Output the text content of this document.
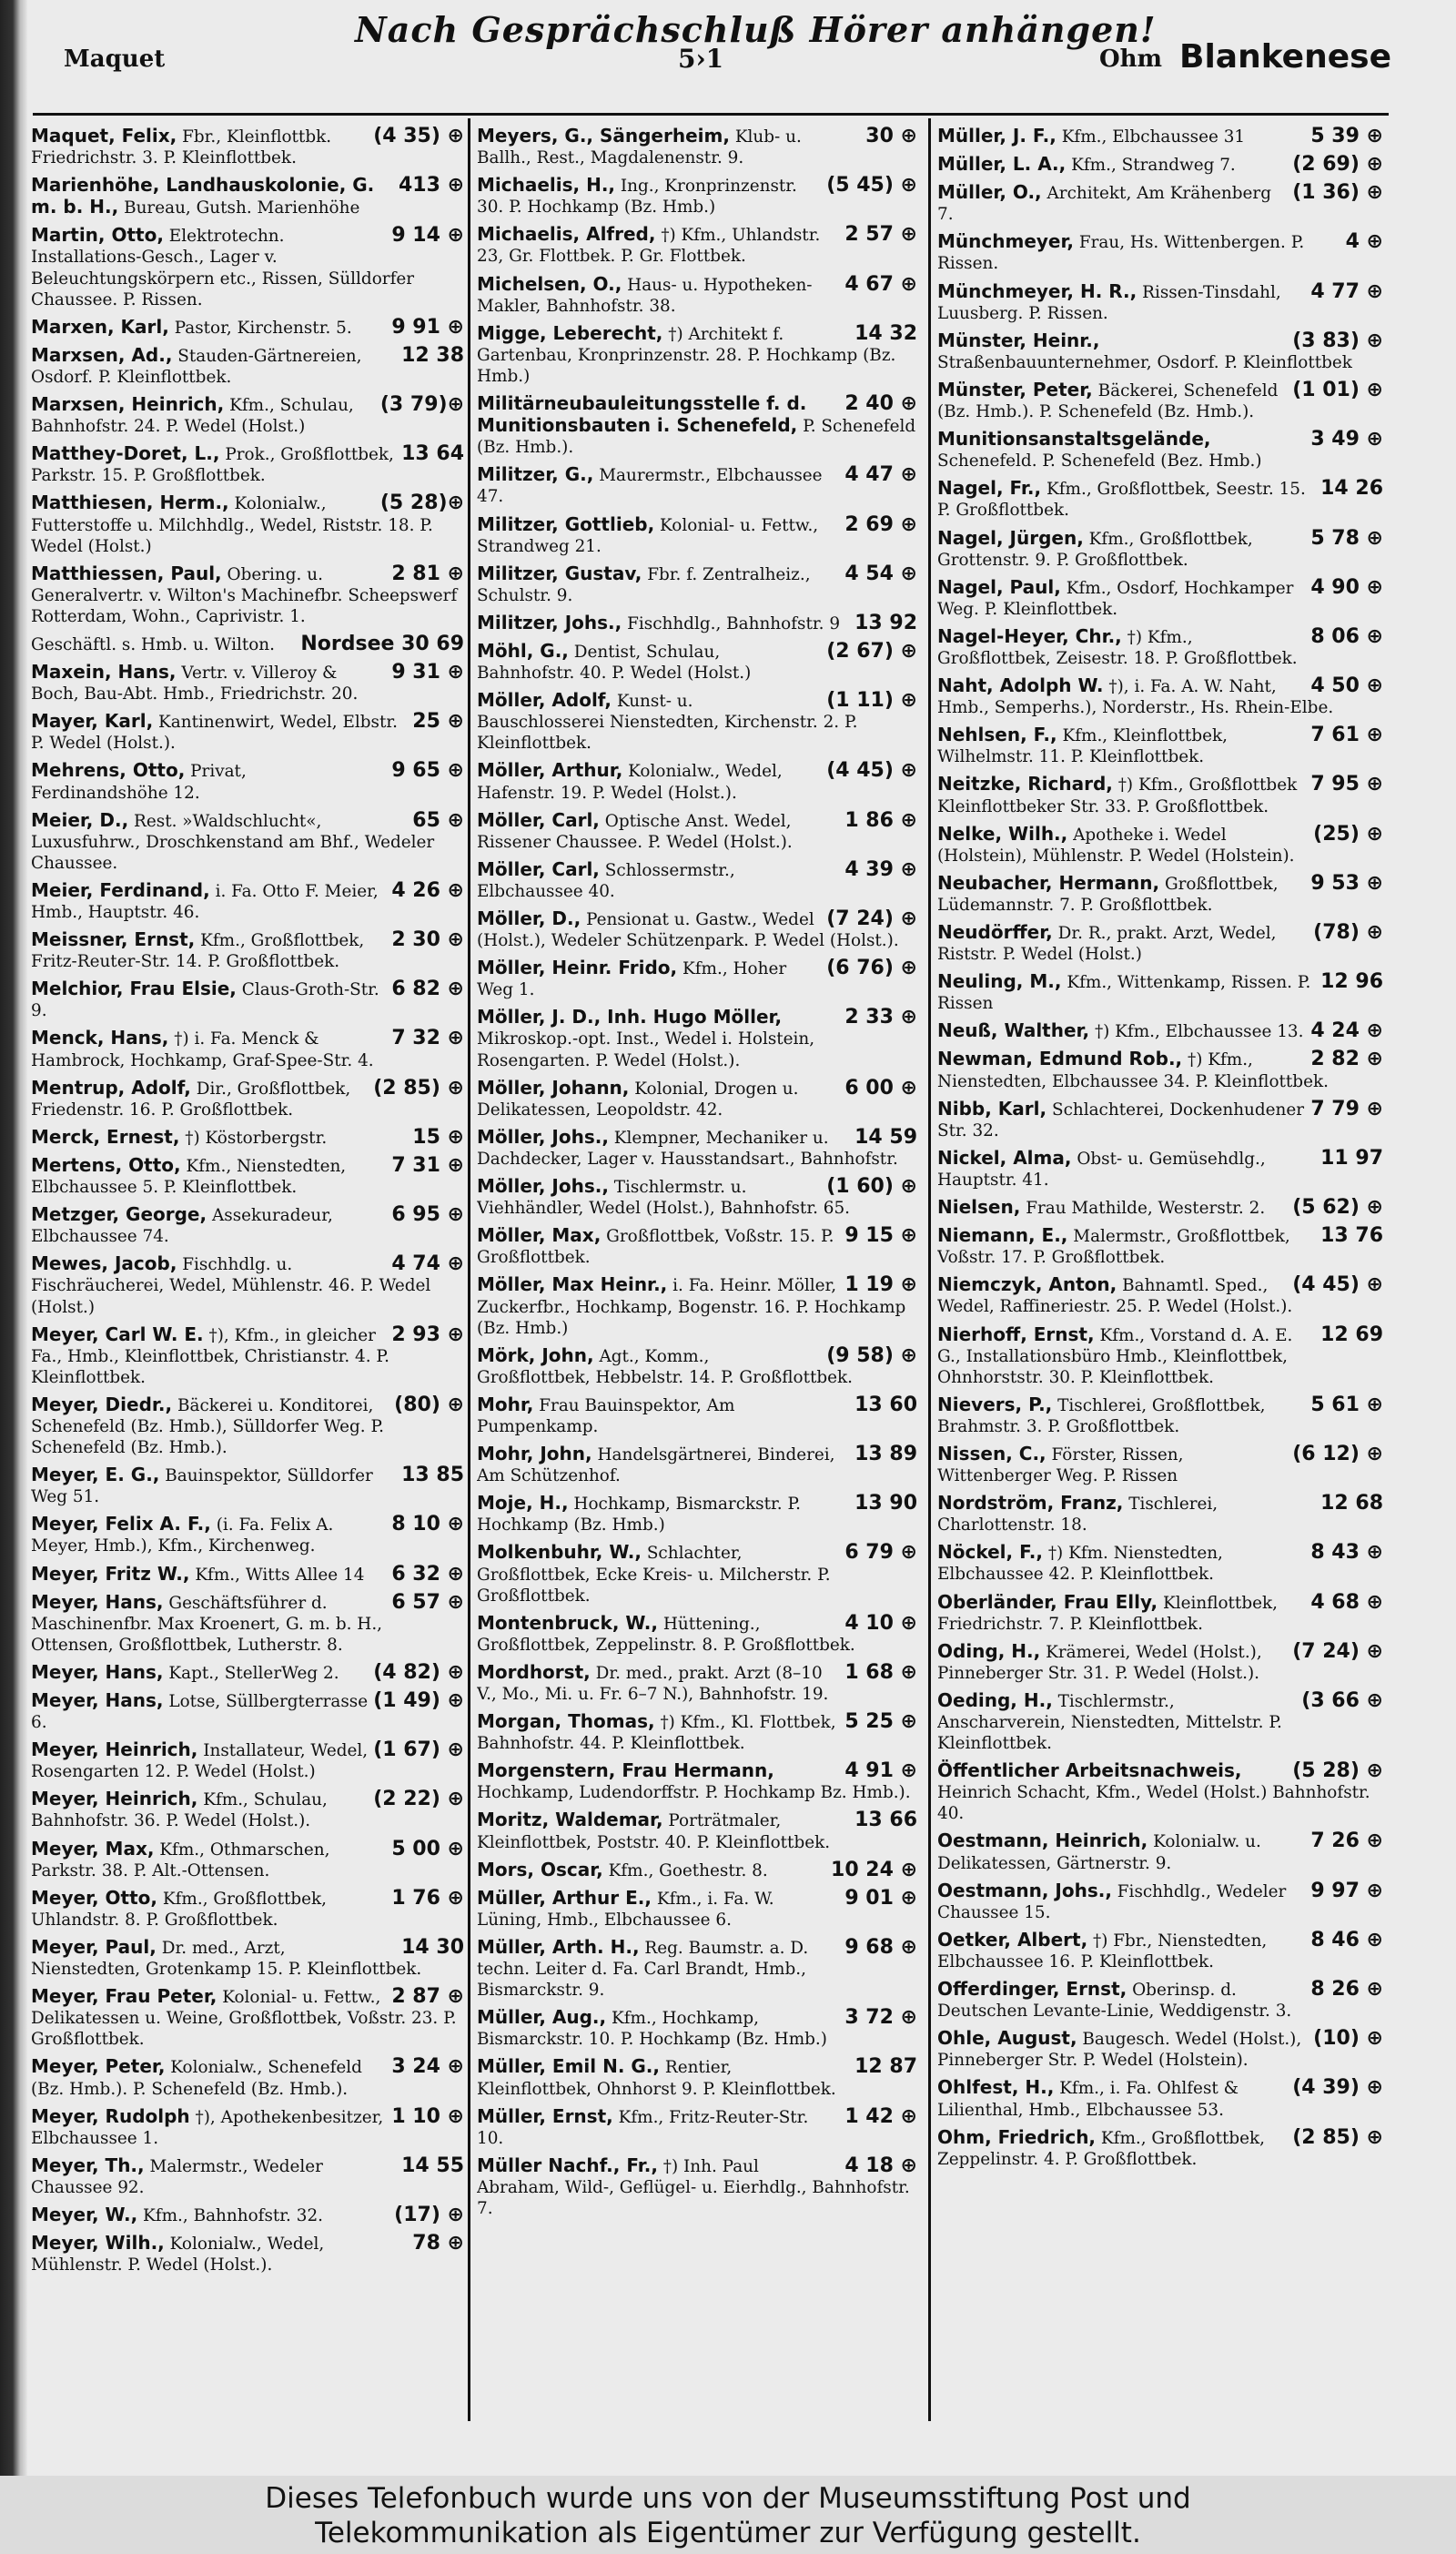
Maquet
Nach Gesprächschluß Hörer anhängen!
5›1	Ohm Blankenese
(4 35) ⊕
Maquet, Felix, Fbr., Kleinflottbk. Friedrichstr. 3. P. Kleinflottbek.
413 ⊕
Marienhöhe, Landhauskolonie, G. m. b. H., Bureau, Gutsh. Marienhöhe
9 14 ⊕
Martin, Otto, Elektrotechn. Installations-Gesch., Lager v. Beleuchtungskörpern etc., Rissen, Sülldorfer Chaussee. P. Rissen.
9 91 ⊕
Marxen, Karl, Pastor, Kirchenstr. 5.
12 38
Marxsen, Ad., Stauden-Gärtnereien, Osdorf. P. Kleinflottbek.
(3 79)⊕
Marxsen, Heinrich, Kfm., Schulau, Bahnhofstr. 24. P. Wedel (Holst.)
13 64
Matthey-Doret, L., Prok., Großflottbek, Parkstr. 15. P. Großflottbek.
(5 28)⊕
Matthiesen, Herm., Kolonialw., Futterstoffe u. Milchhdlg., Wedel, Riststr. 18. P. Wedel (Holst.)
2 81 ⊕
Matthiessen, Paul, Obering. u. Generalvertr. v. Wilton's Machinefbr. Scheepswerf Rotterdam, Wohn., Caprivistr. 1.
Nordsee 30 69
Geschäftl. s. Hmb. u. Wilton.
9 31 ⊕
Maxein, Hans, Vertr. v. Villeroy & Boch, Bau-Abt. Hmb., Friedrichstr. 20.
25 ⊕
Mayer, Karl, Kantinenwirt, Wedel, Elbstr. P. Wedel (Holst.).
9 65 ⊕
Mehrens, Otto, Privat, Ferdinandshöhe 12.
65 ⊕
Meier, D., Rest. »Waldschlucht«, Luxusfuhrw., Droschkenstand am Bhf., Wedeler Chaussee.
4 26 ⊕
Meier, Ferdinand, i. Fa. Otto F. Meier, Hmb., Hauptstr. 46.
2 30 ⊕
Meissner, Ernst, Kfm., Großflottbek, Fritz-Reuter-Str. 14. P. Großflottbek.
6 82 ⊕
Melchior, Frau Elsie, Claus-Groth-Str. 9.
7 32 ⊕
Menck, Hans, †) i. Fa. Menck & Hambrock, Hochkamp, Graf-Spee-Str. 4.
(2 85) ⊕
Mentrup, Adolf, Dir., Großflottbek, Friedenstr. 16. P. Großflottbek.
15 ⊕
Merck, Ernest, †) Köstorbergstr.
7 31 ⊕
Mertens, Otto, Kfm., Nienstedten, Elbchaussee 5. P. Kleinflottbek.
6 95 ⊕
Metzger, George, Assekuradeur, Elbchaussee 74.
4 74 ⊕
Mewes, Jacob, Fischhdlg. u. Fischräucherei, Wedel, Mühlenstr. 46. P. Wedel (Holst.)
2 93 ⊕
Meyer, Carl W. E. †), Kfm., in gleicher Fa., Hmb., Kleinflottbek, Christianstr. 4. P. Kleinflottbek.
(80) ⊕
Meyer, Diedr., Bäckerei u. Konditorei, Schenefeld (Bz. Hmb.), Sülldorfer Weg. P. Schenefeld (Bz. Hmb.).
13 85
Meyer, E. G., Bauinspektor, Sülldorfer Weg 51.
8 10 ⊕
Meyer, Felix A. F., (i. Fa. Felix A. Meyer, Hmb.), Kfm., Kirchenweg.
6 32 ⊕
Meyer, Fritz W., Kfm., Witts Allee 14
6 57 ⊕
Meyer, Hans, Geschäftsführer d. Maschinenfbr. Max Kroenert, G. m. b. H., Ottensen, Großflottbek, Lutherstr. 8.
(4 82) ⊕
Meyer, Hans, Kapt., StellerWeg 2.
(1 49) ⊕
Meyer, Hans, Lotse, Süllbergterrasse 6.
(1 67) ⊕
Meyer, Heinrich, Installateur, Wedel, Rosengarten 12. P. Wedel (Holst.)
(2 22) ⊕
Meyer, Heinrich, Kfm., Schulau, Bahnhofstr. 36. P. Wedel (Holst.).
5 00 ⊕
Meyer, Max, Kfm., Othmarschen, Parkstr. 38. P. Alt.-Ottensen.
1 76 ⊕
Meyer, Otto, Kfm., Großflottbek, Uhlandstr. 8. P. Großflottbek.
14 30
Meyer, Paul, Dr. med., Arzt, Nienstedten, Grotenkamp 15. P. Kleinflottbek.
2 87 ⊕
Meyer, Frau Peter, Kolonial- u. Fettw., Delikatessen u. Weine, Großflottbek, Voßstr. 23. P. Großflottbek.
3 24 ⊕
Meyer, Peter, Kolonialw., Schenefeld (Bz. Hmb.). P. Schenefeld (Bz. Hmb.).
1 10 ⊕
Meyer, Rudolph †), Apothekenbesitzer, Elbchaussee 1.
14 55
Meyer, Th., Malermstr., Wedeler Chaussee 92.
(17) ⊕
Meyer, W., Kfm., Bahnhofstr. 32.
78 ⊕
Meyer, Wilh., Kolonialw., Wedel, Mühlenstr. P. Wedel (Holst.).
30 ⊕
Meyers, G., Sängerheim, Klub- u. Ballh., Rest., Magdalenenstr. 9.
(5 45) ⊕
Michaelis, H., Ing., Kronprinzenstr. 30. P. Hochkamp (Bz. Hmb.)
2 57 ⊕
Michaelis, Alfred, †) Kfm., Uhlandstr. 23, Gr. Flottbek. P. Gr. Flottbek.
4 67 ⊕
Michelsen, O., Haus- u. Hypotheken-Makler, Bahnhofstr. 38.
14 32
Migge, Leberecht, †) Architekt f. Gartenbau, Kronprinzenstr. 28. P. Hochkamp (Bz. Hmb.)
2 40 ⊕
Militärneubauleitungsstelle f. d. Munitionsbauten i. Schenefeld, P. Schenefeld (Bz. Hmb.).
4 47 ⊕
Militzer, G., Maurermstr., Elbchaussee 47.
2 69 ⊕
Militzer, Gottlieb, Kolonial- u. Fettw., Strandweg 21.
4 54 ⊕
Militzer, Gustav, Fbr. f. Zentralheiz., Schulstr. 9.
13 92
Militzer, Johs., Fischhdlg., Bahnhofstr. 9
(2 67) ⊕
Möhl, G., Dentist, Schulau, Bahnhofstr. 40. P. Wedel (Holst.)
(1 11) ⊕
Möller, Adolf, Kunst- u. Bauschlosserei Nienstedten, Kirchenstr. 2. P. Kleinflottbek.
(4 45) ⊕
Möller, Arthur, Kolonialw., Wedel, Hafenstr. 19. P. Wedel (Holst.).
1 86 ⊕
Möller, Carl, Optische Anst. Wedel, Rissener Chaussee. P. Wedel (Holst.).
4 39 ⊕
Möller, Carl, Schlossermstr., Elbchaussee 40.
(7 24) ⊕
Möller, D., Pensionat u. Gastw., Wedel (Holst.), Wedeler Schützenpark. P. Wedel (Holst.).
(6 76) ⊕
Möller, Heinr. Frido, Kfm., Hoher Weg 1.
2 33 ⊕
Möller, J. D., Inh. Hugo Möller, Mikroskop.-opt. Inst., Wedel i. Holstein, Rosengarten. P. Wedel (Holst.).
6 00 ⊕
Möller, Johann, Kolonial, Drogen u. Delikatessen, Leopoldstr. 42.
14 59
Möller, Johs., Klempner, Mechaniker u. Dachdecker, Lager v. Hausstandsart., Bahnhofstr.
(1 60) ⊕
Möller, Johs., Tischlermstr. u. Viehhändler, Wedel (Holst.), Bahnhofstr. 65.
9 15 ⊕
Möller, Max, Großflottbek, Voßstr. 15. P. Großflottbek.
1 19 ⊕
Möller, Max Heinr., i. Fa. Heinr. Möller, Zuckerfbr., Hochkamp, Bogenstr. 16. P. Hochkamp (Bz. Hmb.)
(9 58) ⊕
Mörk, John, Agt., Komm., Großflottbek, Hebbelstr. 14. P. Großflottbek.
13 60
Mohr, Frau Bauinspektor, Am Pumpenkamp.
13 89
Mohr, John, Handelsgärtnerei, Binderei, Am Schützenhof.
13 90
Moje, H., Hochkamp, Bismarckstr. P. Hochkamp (Bz. Hmb.)
6 79 ⊕
Molkenbuhr, W., Schlachter, Großflottbek, Ecke Kreis- u. Milcherstr. P. Großflottbek.
4 10 ⊕
Montenbruck, W., Hüttening., Großflottbek, Zeppelinstr. 8. P. Großflottbek.
1 68 ⊕
Mordhorst, Dr. med., prakt. Arzt (8–10 V., Mo., Mi. u. Fr. 6–7 N.), Bahnhofstr. 19.
5 25 ⊕
Morgan, Thomas, †) Kfm., Kl. Flottbek, Bahnhofstr. 44. P. Kleinflottbek.
4 91 ⊕
Morgenstern, Frau Hermann, Hochkamp, Ludendorffstr. P. Hochkamp Bz. Hmb.).
13 66
Moritz, Waldemar, Porträtmaler, Kleinflottbek, Poststr. 40. P. Kleinflottbek.
10 24 ⊕
Mors, Oscar, Kfm., Goethestr. 8.
9 01 ⊕
Müller, Arthur E., Kfm., i. Fa. W. Lüning, Hmb., Elbchaussee 6.
9 68 ⊕
Müller, Arth. H., Reg. Baumstr. a. D. techn. Leiter d. Fa. Carl Brandt, Hmb., Bismarckstr. 9.
3 72 ⊕
Müller, Aug., Kfm., Hochkamp, Bismarckstr. 10. P. Hochkamp (Bz. Hmb.)
12 87
Müller, Emil N. G., Rentier, Kleinflottbek, Ohnhorst 9. P. Kleinflottbek.
1 42 ⊕
Müller, Ernst, Kfm., Fritz-Reuter-Str. 10.
4 18 ⊕
Müller Nachf., Fr., †) Inh. Paul Abraham, Wild-, Geflügel- u. Eierhdlg., Bahnhofstr. 7.
5 39 ⊕
Müller, J. F., Kfm., Elbchaussee 31
(2 69) ⊕
Müller, L. A., Kfm., Strandweg 7.
(1 36) ⊕
Müller, O., Architekt, Am Krähenberg 7.
4 ⊕
Münchmeyer, Frau, Hs. Wittenbergen. P. Rissen.
4 77 ⊕
Münchmeyer, H. R., Rissen-Tinsdahl, Luusberg. P. Rissen.
(3 83) ⊕
Münster, Heinr., Straßenbauunternehmer, Osdorf. P. Kleinflottbek
(1 01) ⊕
Münster, Peter, Bäckerei, Schenefeld (Bz. Hmb.). P. Schenefeld (Bz. Hmb.).
3 49 ⊕
Munitionsanstaltsgelände, Schenefeld. P. Schenefeld (Bez. Hmb.)
14 26
Nagel, Fr., Kfm., Großflottbek, Seestr. 15. P. Großflottbek.
5 78 ⊕
Nagel, Jürgen, Kfm., Großflottbek, Grottenstr. 9. P. Großflottbek.
4 90 ⊕
Nagel, Paul, Kfm., Osdorf, Hochkamper Weg. P. Kleinflottbek.
8 06 ⊕
Nagel-Heyer, Chr., †) Kfm., Großflottbek, Zeisestr. 18. P. Großflottbek.
4 50 ⊕
Naht, Adolph W. †), i. Fa. A. W. Naht, Hmb., Semperhs.), Norderstr., Hs. Rhein-Elbe.
7 61 ⊕
Nehlsen, F., Kfm., Kleinflottbek, Wilhelmstr. 11. P. Kleinflottbek.
7 95 ⊕
Neitzke, Richard, †) Kfm., Großflottbek Kleinflottbeker Str. 33. P. Großflottbek.
(25) ⊕
Nelke, Wilh., Apotheke i. Wedel (Holstein), Mühlenstr. P. Wedel (Holstein).
9 53 ⊕
Neubacher, Hermann, Großflottbek, Lüdemannstr. 7. P. Großflottbek.
(78) ⊕
Neudörffer, Dr. R., prakt. Arzt, Wedel, Riststr. P. Wedel (Holst.)
12 96
Neuling, M., Kfm., Wittenkamp, Rissen. P. Rissen
4 24 ⊕
Neuß, Walther, †) Kfm., Elbchaussee 13.
2 82 ⊕
Newman, Edmund Rob., †) Kfm., Nienstedten, Elbchaussee 34. P. Kleinflottbek.
7 79 ⊕
Nibb, Karl, Schlachterei, Dockenhudener Str. 32.
11 97
Nickel, Alma, Obst- u. Gemüsehdlg., Hauptstr. 41.
(5 62) ⊕
Nielsen, Frau Mathilde, Westerstr. 2.
13 76
Niemann, E., Malermstr., Großflottbek, Voßstr. 17. P. Großflottbek.
(4 45) ⊕
Niemczyk, Anton, Bahnamtl. Sped., Wedel, Raffineriestr. 25. P. Wedel (Holst.).
12 69
Nierhoff, Ernst, Kfm., Vorstand d. A. E. G., Installationsbüro Hmb., Kleinflottbek, Ohnhorststr. 30. P. Kleinflottbek.
5 61 ⊕
Nievers, P., Tischlerei, Großflottbek, Brahmstr. 3. P. Großflottbek.
(6 12) ⊕
Nissen, C., Förster, Rissen, Wittenberger Weg. P. Rissen
12 68
Nordström, Franz, Tischlerei, Charlottenstr. 18.
8 43 ⊕
Nöckel, F., †) Kfm. Nienstedten, Elbchaussee 42. P. Kleinflottbek.
4 68 ⊕
Oberländer, Frau Elly, Kleinflottbek, Friedrichstr. 7. P. Kleinflottbek.
(7 24) ⊕
Oding, H., Krämerei, Wedel (Holst.), Pinneberger Str. 31. P. Wedel (Holst.).
(3 66 ⊕
Oeding, H., Tischlermstr., Anscharverein, Nienstedten, Mittelstr. P. Kleinflottbek.
(5 28) ⊕
Öffentlicher Arbeitsnachweis, Heinrich Schacht, Kfm., Wedel (Holst.) Bahnhofstr. 40.
7 26 ⊕
Oestmann, Heinrich, Kolonialw. u. Delikatessen, Gärtnerstr. 9.
9 97 ⊕
Oestmann, Johs., Fischhdlg., Wedeler Chaussee 15.
8 46 ⊕
Oetker, Albert, †) Fbr., Nienstedten, Elbchaussee 16. P. Kleinflottbek.
8 26 ⊕
Offerdinger, Ernst, Oberinsp. d. Deutschen Levante-Linie, Weddigenstr. 3.
(10) ⊕
Ohle, August, Baugesch. Wedel (Holst.), Pinneberger Str. P. Wedel (Holstein).
(4 39) ⊕
Ohlfest, H., Kfm., i. Fa. Ohlfest & Lilienthal, Hmb., Elbchaussee 53.
(2 85) ⊕
Ohm, Friedrich, Kfm., Großflottbek, Zeppelinstr. 4. P. Großflottbek.
Dieses Telefonbuch wurde uns von der Museumsstiftung Post und
Telekommunikation als Eigentümer zur Verfügung gestellt.
